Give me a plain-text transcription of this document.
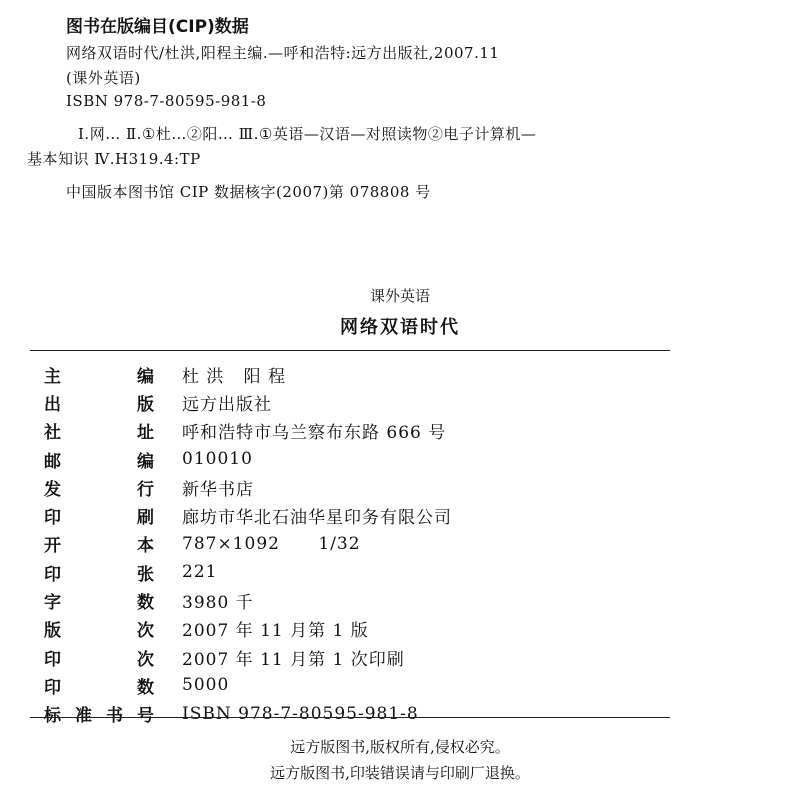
图书在版编目(CIP)数据
网络双语时代/杜洪,阳程主编.—呼和浩特:远方出版社,2007.11
(课外英语)
ISBN 978-7-80595-981-8
Ⅰ.网… Ⅱ.①杜…②阳… Ⅲ.①英语—汉语—对照读物②电子计算机—
基本知识 Ⅳ.H319.4:TP
中国版本图书馆 CIP 数据核字(2007)第 078808 号
课外英语
网络双语时代
主	编 杜 洪   阳 程
出	版 远方出版社
社	址 呼和浩特市乌兰察布东路 666 号
邮	编 010010
发	行 新华书店
印	刷 廊坊市华北石油华星印务有限公司
开	本 787×1092      1/32
印	张 221
字	数 3980 千
版	次 2007 年 11 月第 1 版
印	次 2007 年 11 月第 1 次印刷
印	数 5000
标 准 书 号 ISBN 978-7-80595-981-8
远方版图书,版权所有,侵权必究。
远方版图书,印装错误请与印刷厂退换。
